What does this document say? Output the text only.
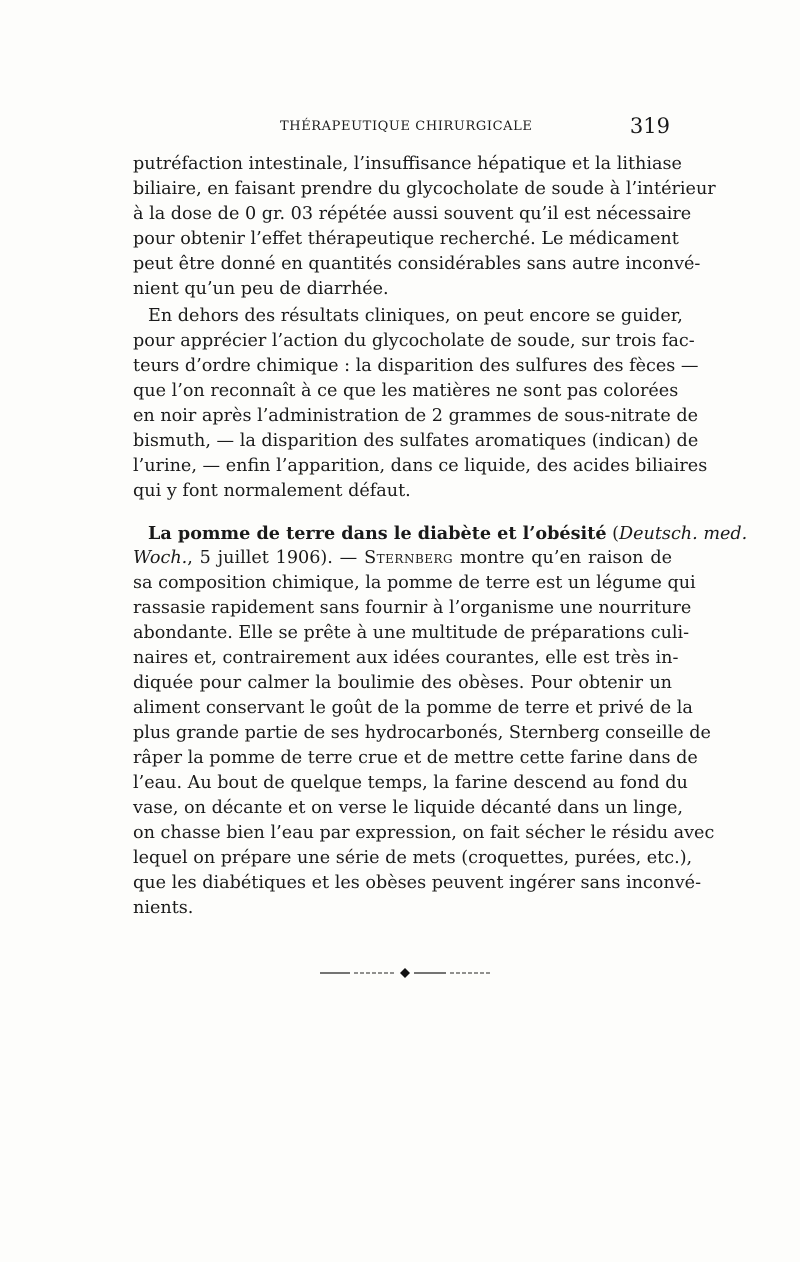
THÉRAPEUTIQUE CHIRURGICALE	319
putréfaction intestinale, l’insuffisance hépatique et la lithiase
biliaire, en faisant prendre du glycocholate de soude à l’intérieur
à la dose de 0 gr. 03 répétée aussi souvent qu’il est nécessaire
pour obtenir l’effet thérapeutique recherché. Le médicament
peut être donné en quantités considérables sans autre inconvé-
nient qu’un peu de diarrhée.
En dehors des résultats cliniques, on peut encore se guider,
pour apprécier l’action du glycocholate de soude, sur trois fac-
teurs d’ordre chimique : la disparition des sulfures des fèces —
que l’on reconnaît à ce que les matières ne sont pas colorées
en noir après l’administration de 2 grammes de sous-nitrate de
bismuth, — la disparition des sulfates aromatiques (indican) de
l’urine, — enfin l’apparition, dans ce liquide, des acides biliaires
qui y font normalement défaut.
La pomme de terre dans le diabète et l’obésité (Deutsch. med.
Woch., 5 juillet 1906). — Sternberg montre qu’en raison de
sa composition chimique, la pomme de terre est un légume qui
rassasie rapidement sans fournir à l’organisme une nourriture
abondante. Elle se prête à une multitude de préparations culi-
naires et, contrairement aux idées courantes, elle est très in-
diquée pour calmer la boulimie des obèses. Pour obtenir un
aliment conservant le goût de la pomme de terre et privé de la
plus grande partie de ses hydrocarbonés, Sternberg conseille de
râper la pomme de terre crue et de mettre cette farine dans de
l’eau. Au bout de quelque temps, la farine descend au fond du
vase, on décante et on verse le liquide décanté dans un linge,
on chasse bien l’eau par expression, on fait sécher le résidu avec
lequel on prépare une série de mets (croquettes, purées, etc.),
que les diabétiques et les obèses peuvent ingérer sans inconvé-
nients.
